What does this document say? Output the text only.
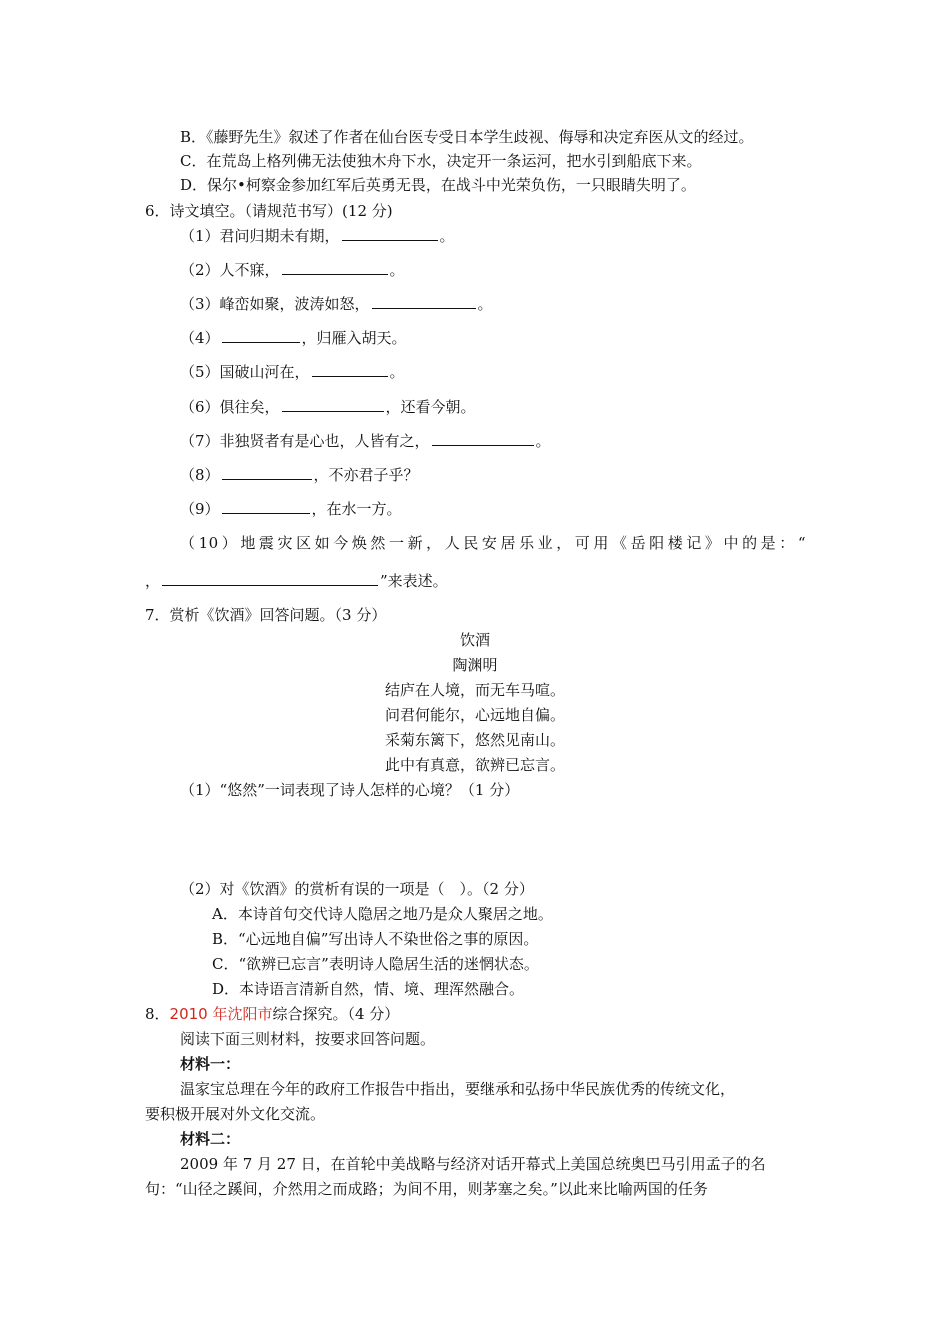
B．《藤野先生》叙述了作者在仙台医专受日本学生歧视、侮辱和决定弃医从文的经过。
C．在荒岛上格列佛无法使独木舟下水，决定开一条运河，把水引到船底下来。
D．保尔•柯察金参加红军后英勇无畏，在战斗中光荣负伤，一只眼睛失明了。
6．诗文填空。（请规范书写）(12 分)
（1）君问归期未有期，	。
（2）人不寐，	。
（3）峰峦如聚，波涛如怒，	。
（4）	，归雁入胡天。
（5）国破山河在，	。
（6）俱往矣，	，还看今朝。
（7）非独贤者有是心也，人皆有之，	。
（8）	，不亦君子乎？
（9）	，在水一方。
（10）地震灾区如今焕然一新，人民安居乐业，可用《岳阳楼记》中的是：“
，	”来表述。
7．赏析《饮酒》回答问题。（3 分）
饮酒
陶渊明
结庐在人境，而无车马喧。
问君何能尔，心远地自偏。
采菊东篱下，悠然见南山。
此中有真意，欲辨已忘言。
（1）“悠然”一词表现了诗人怎样的心境？（1 分）
（2）对《饮酒》的赏析有误的一项是（　）。（2 分）
A．本诗首句交代诗人隐居之地乃是众人聚居之地。
B．“心远地自偏”写出诗人不染世俗之事的原因。
C．“欲辨已忘言”表明诗人隐居生活的迷惘状态。
D．本诗语言清新自然，情、境、理浑然融合。
8．2010 年沈阳市综合探究。（4 分）
阅读下面三则材料，按要求回答问题。
材料一：
温家宝总理在今年的政府工作报告中指出，要继承和弘扬中华民族优秀的传统文化，
要积极开展对外文化交流。
材料二：
2009 年 7 月 27 日，在首轮中美战略与经济对话开幕式上美国总统奥巴马引用孟子的名
句：“山径之蹊间，介然用之而成路；为间不用，则茅塞之矣。”以此来比喻两国的任务
